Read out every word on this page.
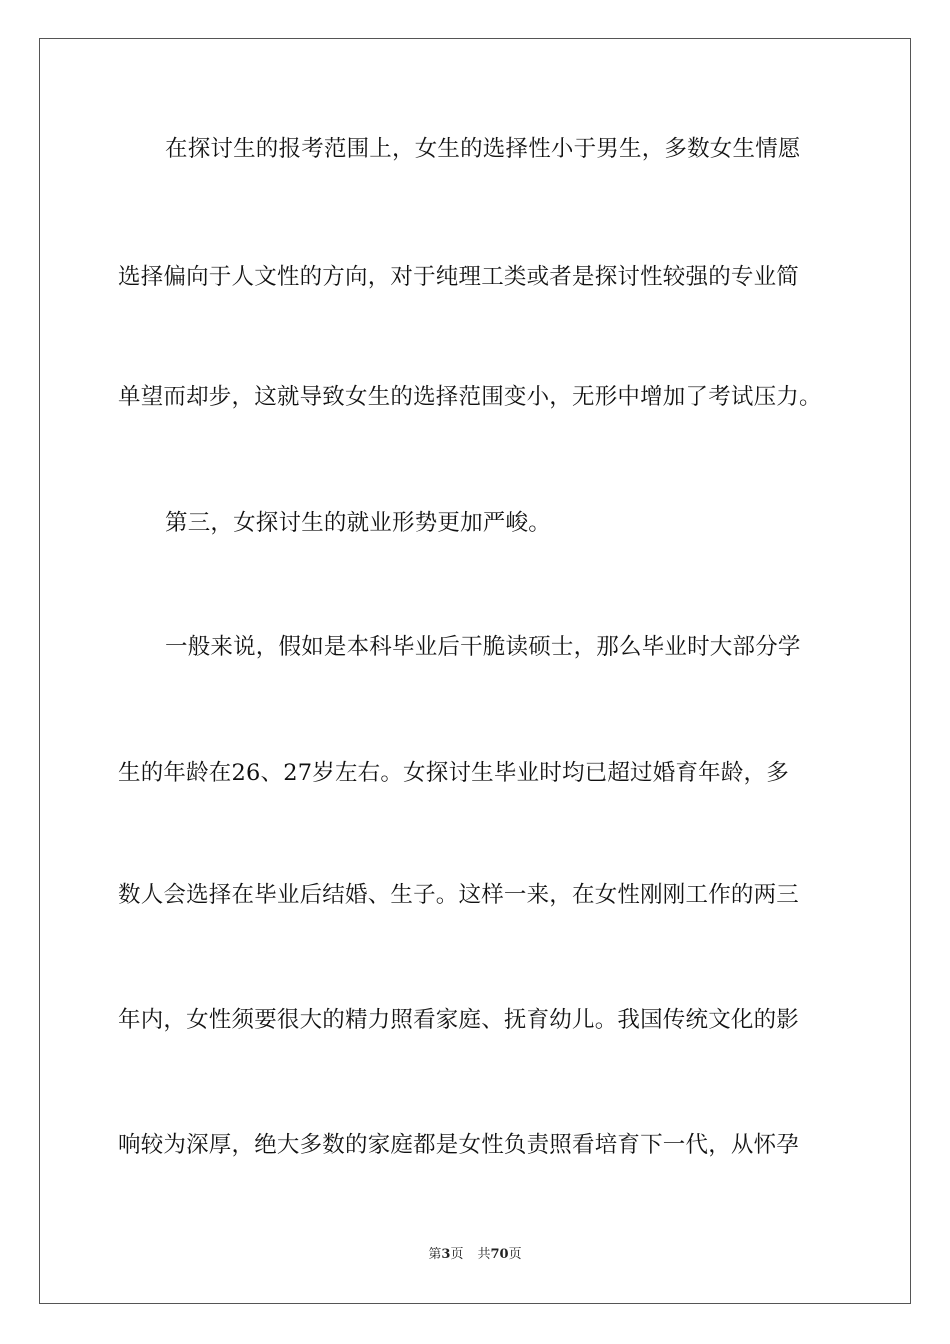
在探讨生的报考范围上，女生的选择性小于男生，多数女生情愿
选择偏向于人文性的方向，对于纯理工类或者是探讨性较强的专业简
单望而却步，这就导致女生的选择范围变小，无形中增加了考试压力。
第三，女探讨生的就业形势更加严峻。
一般来说，假如是本科毕业后干脆读硕士，那么毕业时大部分学
生的年龄在26、27岁左右。女探讨生毕业时均已超过婚育年龄，多
数人会选择在毕业后结婚、生子。这样一来，在女性刚刚工作的两三
年内，女性须要很大的精力照看家庭、抚育幼儿。我国传统文化的影
响较为深厚，绝大多数的家庭都是女性负责照看培育下一代，从怀孕
第3页 共70页
